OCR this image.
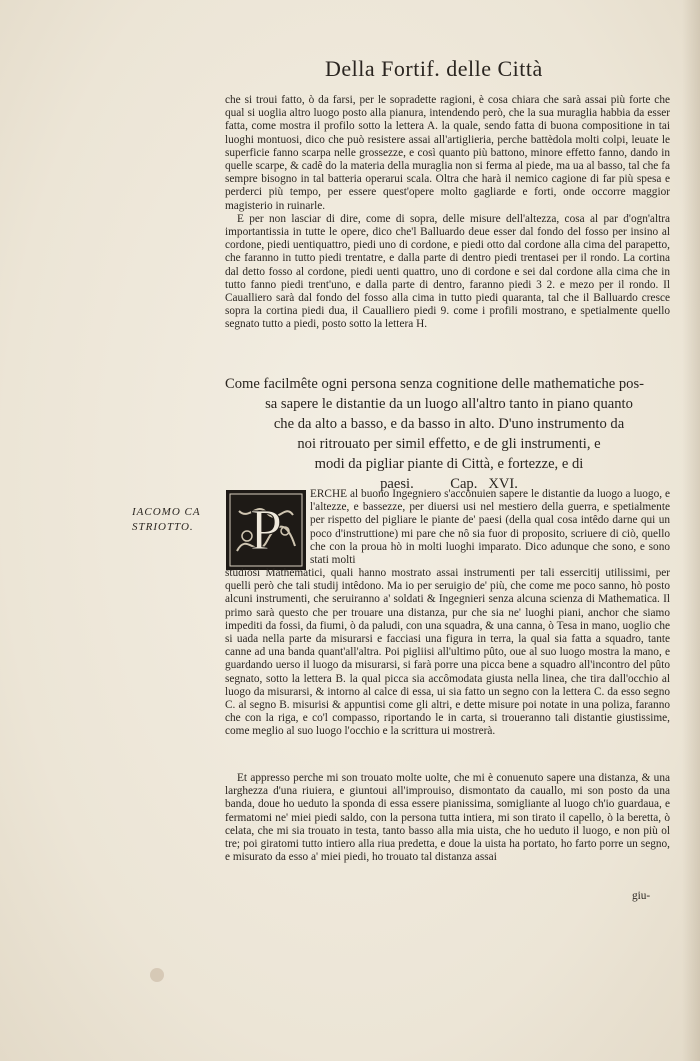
Della Fortif. delle Città

che si troui fatto, ò da farsi, per le sopradette ragioni, è cosa chiara che sarà assai più forte che qual si uoglia altro luogo posto alla pianura, intendendo però, che la sua muraglia habbia da esser fatta, come mostra il profilo sotto la lettera A. la quale, sendo fatta di buona compositione in tai luoghi montuosi, dico che può resistere assai all'artiglieria, perche battèdola molti colpi, leuate le superficie fanno scarpa nelle grossezze, e così quanto più battono, minore effetto fanno, dando in quelle scarpe, & cadê do la materia della muraglia non si ferma al piede, ma ua al basso, tal che fa sempre bisogno in tal batteria operarui scala. Oltra che harà il nemico cagione di far più spesa e perderci più tempo, per essere quest'opere molto gagliarde e forti, onde occorre maggior magisterio in ruinarle.

E per non lasciar di dire, come di sopra, delle misure dell'altezza, cosa al par d'ogn'altra importantissia in tutte le opere, dico che'l Balluardo deue esser dal fondo del fosso per insino al cordone, piedi uentiquattro, piedi uno di cordone, e piedi otto dal cordone alla cima del parapetto, che faranno in tutto piedi trentatre, e dalla parte di dentro piedi trentasei per il rondo. La cortina dal detto fosso al cordone, piedi uenti quattro, uno di cordone e sei dal cordone alla cima che in tutto fanno piedi trent'uno, e dalla parte di dentro, faranno piedi 3 2. e mezo per il rondo. Il Caualliero sarà dal fondo del fosso alla cima in tutto piedi quaranta, tal che il Balluardo cresce sopra la cortina piedi dua, il Caualliero piedi 9. come i profili mostrano, e spetialmente quello segnato tutto a piedi, posto sotto la lettera H.

Come facilmête ogni persona senza cognitione delle mathematiche pos-
sa sapere le distantie da un luogo all'altro tanto in piano quanto
che da alto a basso, e da basso in alto. D'uno instrumento da
noi ritrouato per simil effetto, e de gli instrumenti, e
modi da pigliar piante di Città, e fortezze, e di
paesi.          Cap.   XVI.
IACOMO CA
STRIOTTO. P
ERCHE al buono Ingegniero s'acconuien sapere le distantie da luogo a luogo, e l'altezze, e bassezze, per diuersi usi nel mestiero della guerra, e spetialmente per rispetto del pigliare le piante de' paesi (della qual cosa intêdo darne qui un poco d'instruttione) mi pare che nô sia fuor di proposito, scriuere di ciò, quello che con la proua hò in molti luoghi imparato. Dico adunque che sono, e sono stati molti

studiosi Mathematici, quali hanno mostrato assai instrumenti per tali essercitij utilissimi, per quelli però che tali studij intêdono. Ma io per seruigio de' più, che come me poco sanno, hò posto alcuni instrumenti, che seruiranno a' soldati & Ingegnieri senza alcuna scienza di Mathematica. Il primo sarà questo che per trouare una distanza, pur che sia ne' luoghi piani, anchor che siamo impediti da fossi, da fiumi, ò da paludi, con una squadra, & una canna, ò Tesa in mano, uoglio che si uada nella parte da misurarsi e facciasi una figura in terra, la qual sia fatta a squadro, tante canne ad una banda quant'all'altra. Poi pigliisi all'ultimo pûto, oue al suo luogo mostra la mano, e guardando uerso il luogo da misurarsi, si farà porre una picca bene a squadro all'incontro del pûto segnato, sotto la lettera B. la qual picca sia accômodata giusta nella linea, che tira dall'occhio al luogo da misurarsi, & intorno al calce di essa, ui sia fatto un segno con la lettera C. da esso segno C. al segno B. misurisi & appuntisi come gli altri, e dette misure poi notate in una poliza, faranno che con la riga, e co'l compasso, riportando le in carta, si troueranno tali distantie giustissime, come meglio al suo luogo l'occhio e la scrittura ui mostrerà.

Et appresso perche mi son trouato molte uolte, che mi è conuenuto sapere una distanza, & una larghezza d'una riuiera, e giuntoui all'improuiso, dismontato da cauallo, mi son posto da una banda, doue ho ueduto la sponda di essa essere pianissima, somigliante al luogo ch'io guardaua, e fermatomi ne' miei piedi saldo, con la persona tutta intiera, mi son tirato il capello, ò la beretta, ò celata, che mi sia trouato in testa, tanto basso alla mia uista, che ho ueduto il luogo, e non più ol tre; poi giratomi tutto intiero alla riua predetta, e doue la uista ha portato, ho farto porre un segno, e misurato da esso a' miei piedi, ho trouato tal distanza assai

giu-
